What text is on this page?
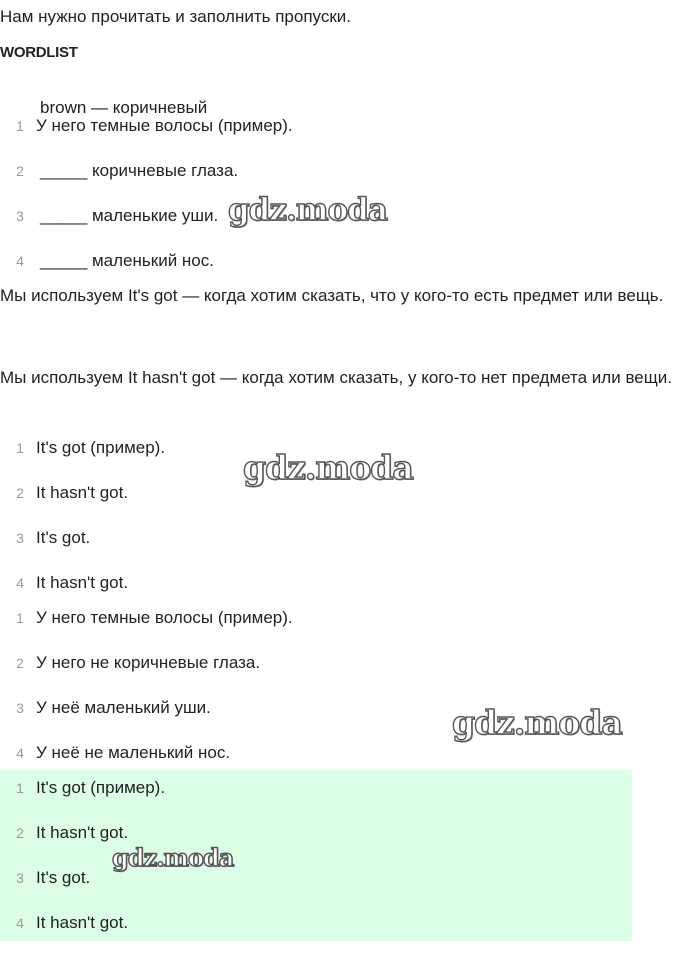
Нам нужно прочитать и заполнить пропуски.
WORDLIST
brown — коричневый
1 У него темные волосы (пример).
2 _____ коричневые глаза.
3 _____ маленькие уши.
4 _____ маленький нос.
Мы используем It's got — когда хотим сказать, что у кого-то есть предмет или вещь.
Мы используем It hasn't got — когда хотим сказать, у кого-то нет предмета или вещи.
1 It's got (пример).
2 It hasn't got.
3 It's got.
4 It hasn't got.
1 У него темные волосы (пример).
2 У него не коричневые глаза.
3 У неё маленький уши.
4 У неё не маленький нос.
1 It's got (пример).
2 It hasn't got.
3 It's got.
4 It hasn't got.
gdz.moda
gdz.moda
gdz.moda
gdz.moda
